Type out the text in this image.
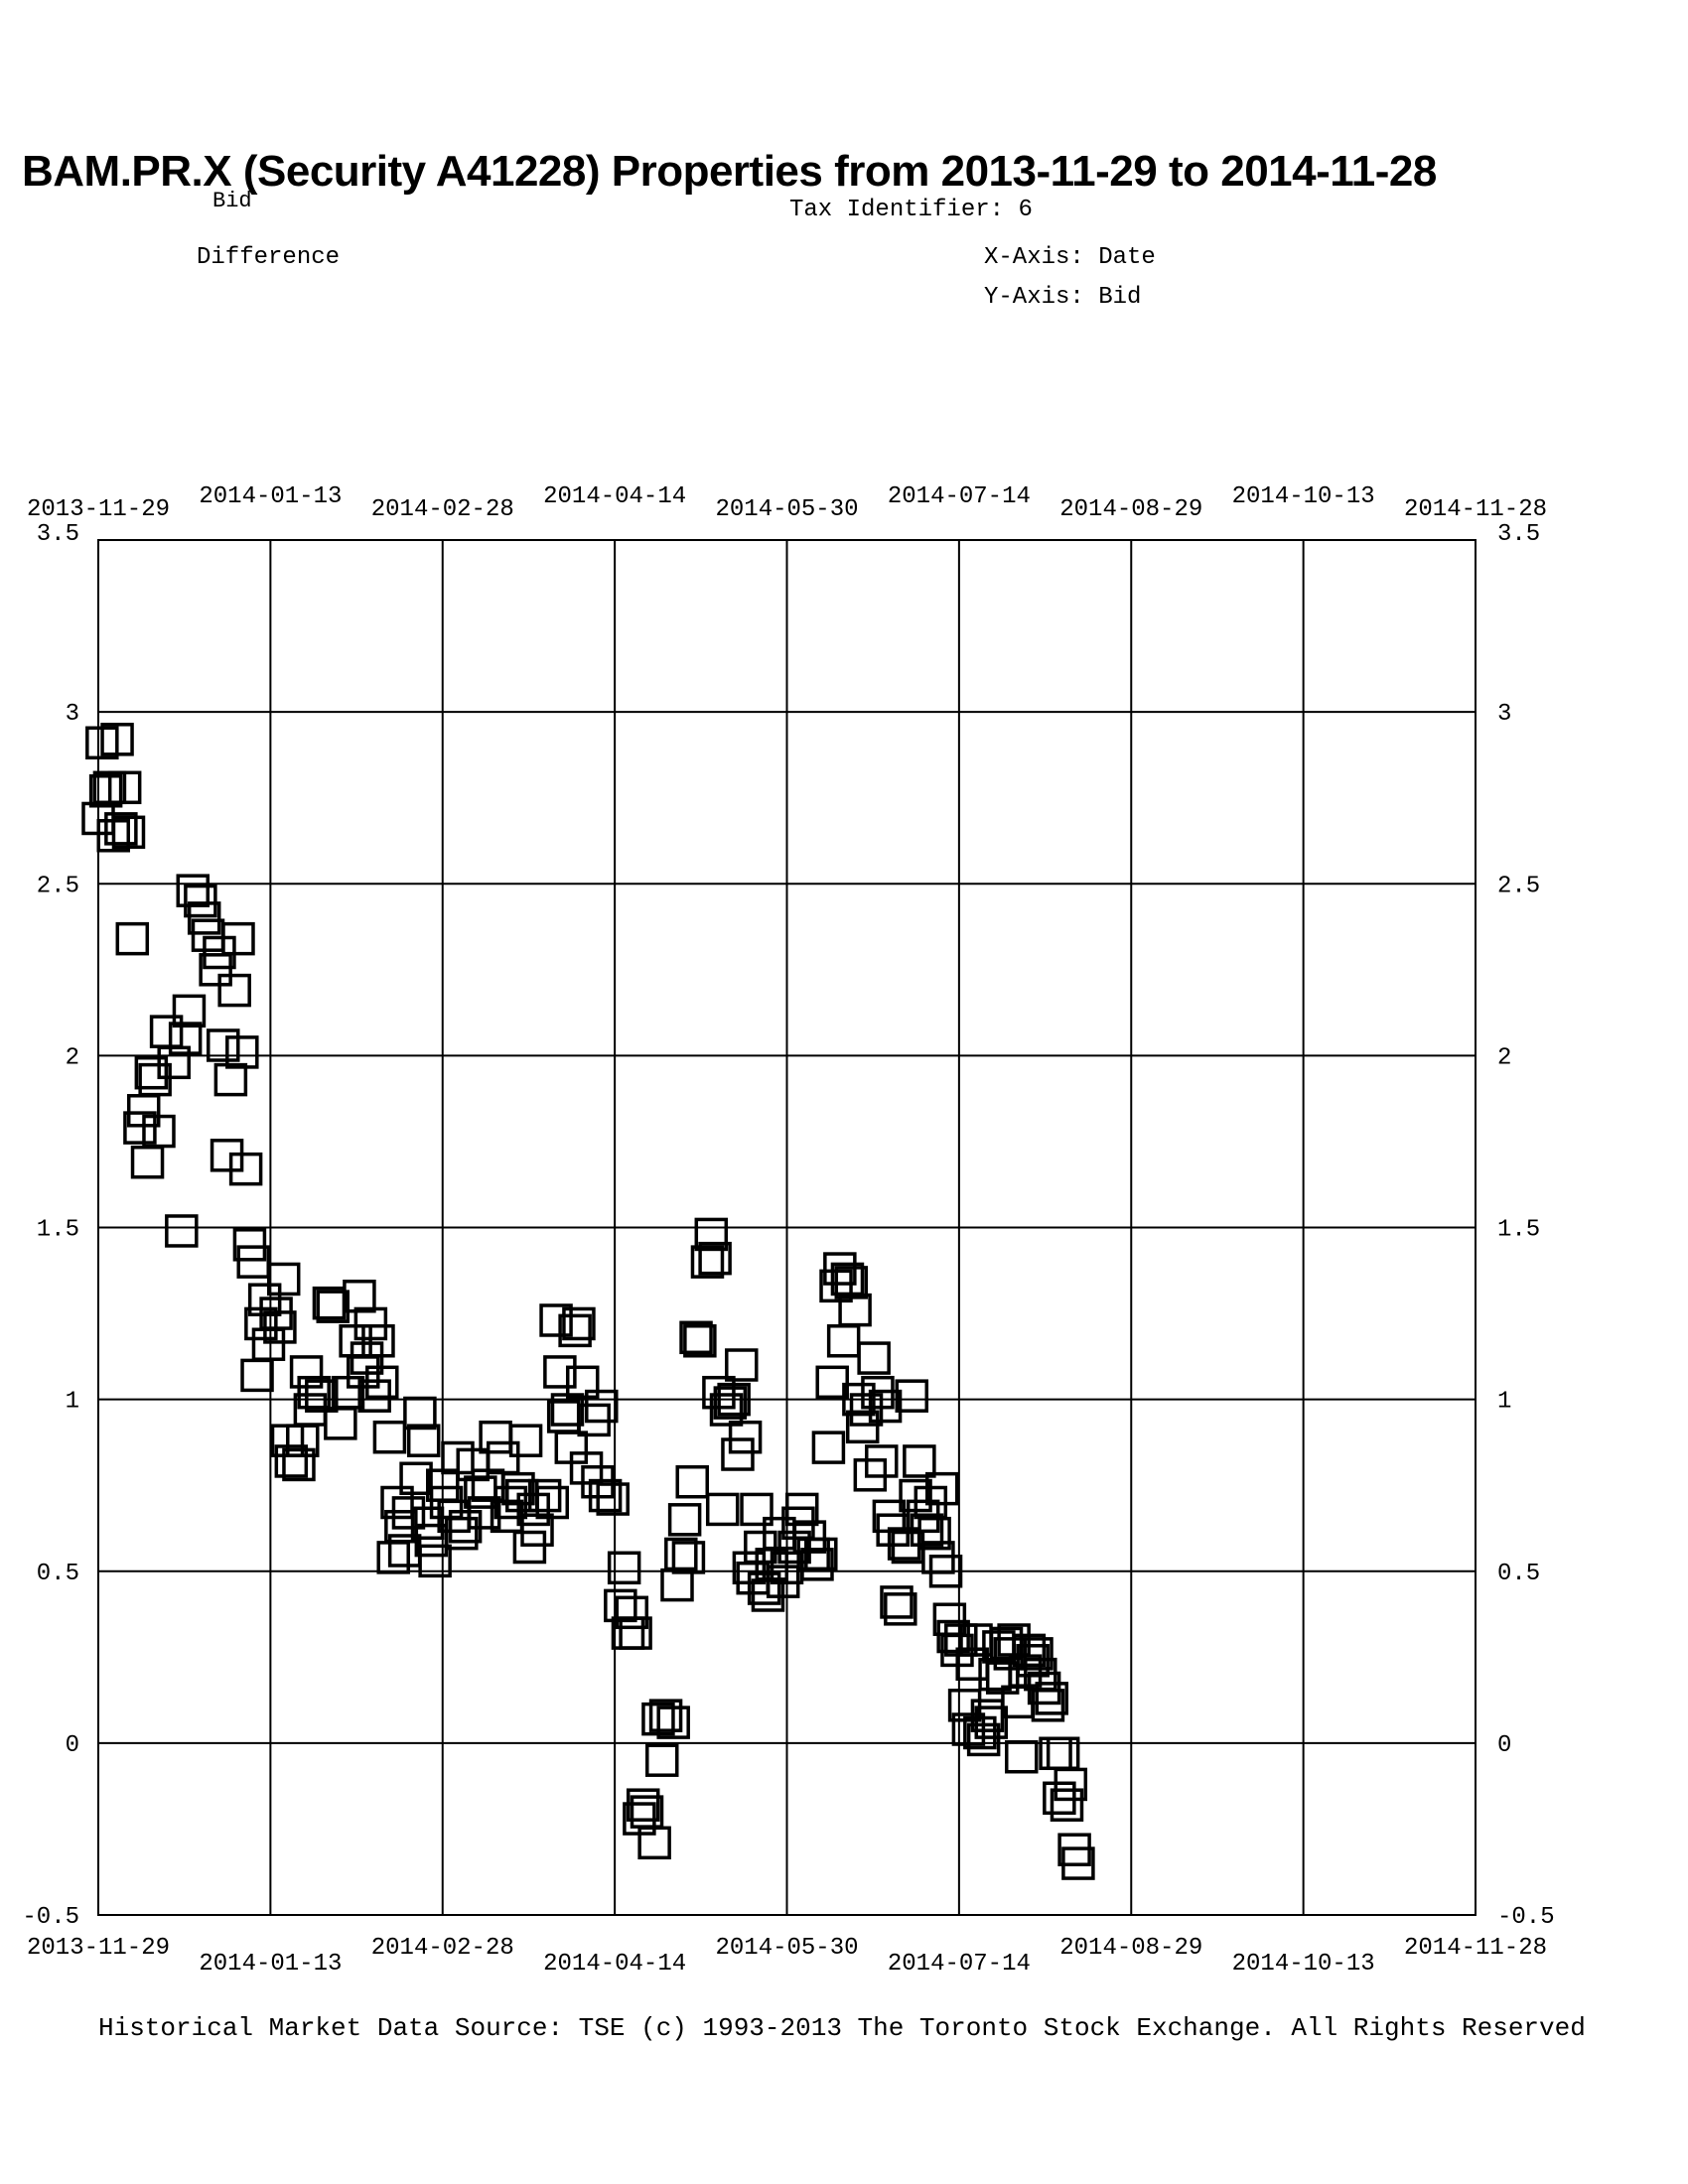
BAM.PR.X (Security A41228) Properties from 2013-11-29 to 2014-11-28
Bid	Tax Identifier: 6
Difference	X-Axis: Date
Y-Axis: Bid
2013-11-29
2013-11-29
2014-01-13
2014-01-13
2014-02-28
2014-02-28
2014-04-14
2014-04-14
2014-05-30
2014-05-30
2014-07-14
2014-07-14
2014-08-29
2014-08-29
2014-10-13
2014-10-13
2014-11-28
2014-11-28
3.5	3.5
3	3
2.5	2.5
2	2
1.5	1.5
1	1
0.5	0.5
0	0
-0.5	-0.5
Historical Market Data Source: TSE (c) 1993-2013 The Toronto Stock Exchange. All Rights Reserved
